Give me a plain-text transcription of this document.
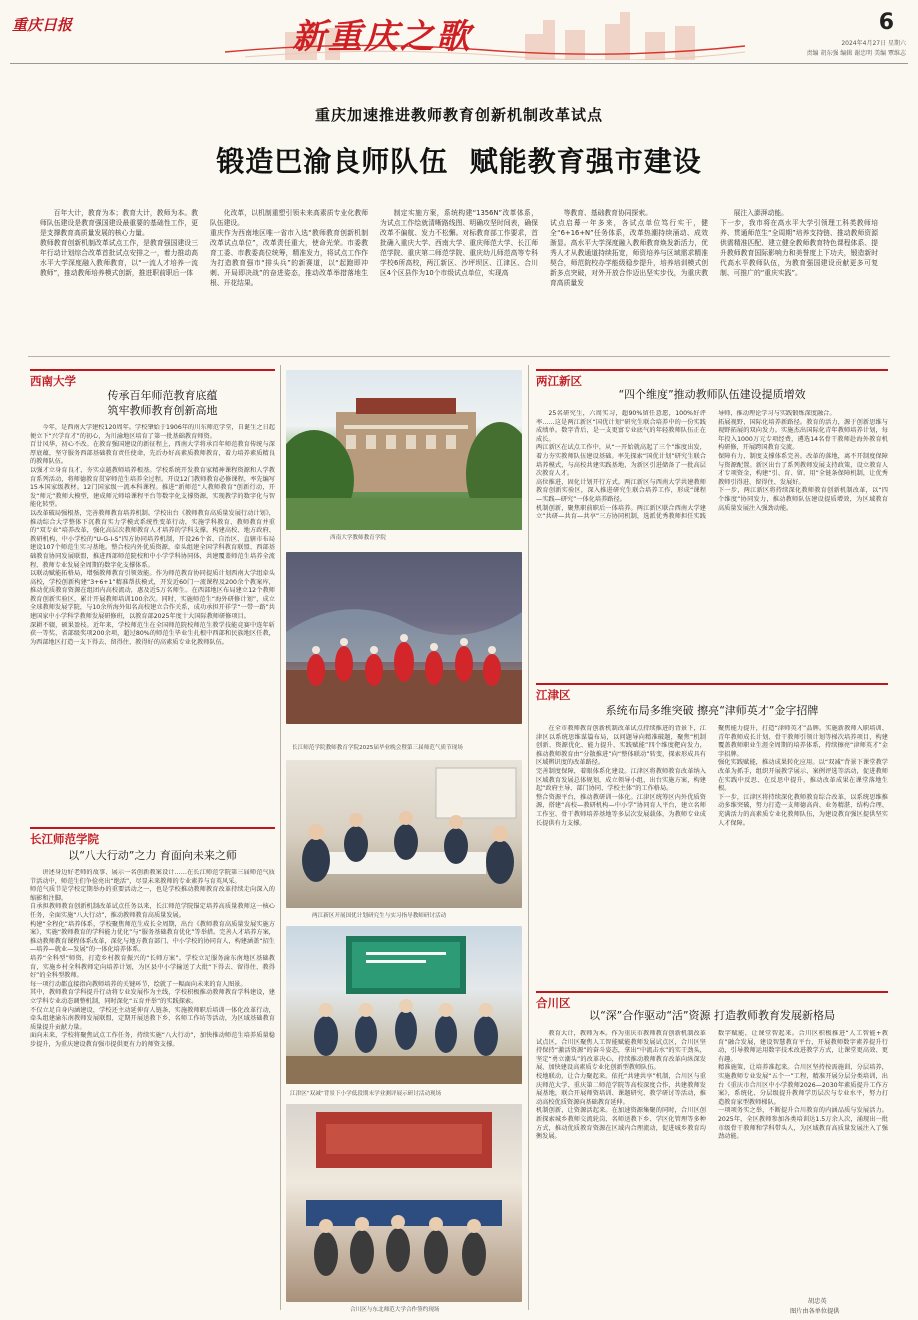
重庆日报	新重庆之歌	6
2024年4月27日 星期六
责编 胡东强 编辑 谢忠明 美编 覃维志
重庆加速推进教师教育创新机制改革试点
锻造巴渝良师队伍  赋能教育强市建设

百年大计，教育为本；教育大计，教师为本。教师队伍建设是教育强国建设最重要的基础性工作，更是支撑教育高质量发展的核心力量。
教师教育创新机制改革试点工作，是教育强国建设三年行动计划综合改革首批试点安排之一，着力推动高水平大学深度融入教师教育，以“一流人才培养一流教师”，推动教师培养模式创新，推进职前职后一体

化改革，以机制重塑引领未来高素质专业化教师队伍建设。
重庆作为西南地区唯一省市入选“教师教育创新机制改革试点单位”，改革责任重大，使命光荣。市委教育工委、市教委高位统筹，精准发力，将试点工作作为打造教育强市“排头兵”的新赛道，以“起跑即冲刺、开局即决战”的奋进姿态，推动改革举措落地生根、开花结果。

制定实施方案，系统构建“1356N”改革体系，为试点工作绘就清晰路线图、明确攻坚时间表，确保改革不偏航、发力不松懈。对标教育部工作要求，首批确入重庆大学、西南大学、重庆师范大学、长江师范学院、重庆第二师范学院、重庆幼儿师范高等专科学校6所高校，两江新区、沙坪坝区、江津区、合川区4个区县作为10个市级试点单位，实现高

等教育、基础教育协同探索。
试点启幕一年多来，各试点单位笃行实干，健全“6+16+N”任务体系，改革热潮持续涌动、成效渐显。高水平大学深度融入教师教育焕发新活力，优秀人才从教通道持续拓宽，师资培养与区域需求精准契合，师范院校办学能级稳步提升，培养培训模式创新多点突破，对外开放合作迈出坚实步伐，为重庆教育高质量发

展注入澎湃动能。
下一步，我市将在高水平大学引领理工科类教师培养、贯通师范生“全周期”培养支持链、推动教师资源供需精准匹配、建立健全教师教育特色课程体系、提升教师教育国际影响力和美誉度上下功夫，锻造新时代高水平教师队伍，为教育强国建设贡献更多可复制、可推广的“重庆实践”。

西南大学
传承百年师范教育底蕴
筑牢教师教育创新高地

今年，是西南大学建校120周年。学校肇始于1906年的川东师范学堂，自诞生之日起便立下“兴学育才”的初心，为川渝地区培育了第一批基础教育师资。
百廿风华，初心不改。在教育强国建设的新征程上，西南大学将承百年师范教育传统与深厚底蕴，坚守服务西部基础教育责任使命，先后办好高素质教师教育，着力培养素质精良的教师队伍。
以强才立身育良才，夯实卓越教师培养根基。学校系统开发教育家精神课程资源和人学教育系列活动，将师德教育贯穿师范生培养全过程。开设12门教师教育必修课程，率先编写15本国家级教材。12门国家级一流本科课程。推进“新师范”人教师教育“创新行动，开发“师元”教师大模型，建成师元师培课程平台等数字化支撑资源，实现教学的数字化与智能化转型。
以改革破局强根基，完善教师教育培养机制。学校出台《教师教育高质量发展行动计划》，推动综合大学整体下沉教育实力学模式系统性变革行动，实施学科教育、教师教育并重的“双专业”培养改革，强化高层次教师教育人才培养的学科支撑。构建高校、地方政府、教研机构、中小学校的“U-G-I-S”四方协同培养机制，开设26个省、自治区、直辖市布局建设107个师范生实习基地。整合校内外优质资源，牵头组建全国学科教育联盟、西部基础教育协同发展联盟，推进西部师范院校和中小学学科协同体，共建覆盖师范生培养全流程、教师专业发展全周期的数字化支撑体系。
以联动赋能拓格局，增强教师教育引领效能。作为师范教育协同提质计划西南大学组牵头高校，学校创新构建“3+6+1”精准帮扶模式，开发近60门一流课程及200余个教案库，推动优质教育资源在组团内高校流动，惠及近5万名师生。在西部地区布局建立12个教师教育创新实验区，累计开展教师培训100余次。同时，实施师范生“海外研修计划”，成立全球教师发展学院，与10余所海外知名高校建立合作关系，成功承担开祥学“一带一路”共建国家中小学科学教师发展研修班，以教育部2025年度十大国际教师研修项目。
深耕不辍，硕果盈枝。近年来，学校师范生在全国师范院校师范生教学技能竞赛中连年斩获一等奖、省部级奖项200余项，超过80%的师范生毕业生扎根中西部和民族地区任教，为西部地区打造一支下得去、留得住、教得好的高素质专业化教师队伍。

长江师范学院
以“八大行动”之力 育面向未来之师

讲述身边好老师的故事、展示一名创新教案设计……在长江师范学院第三届师范气质节活动中，师范生们争俭亮出“绝活”，尽显未来教师的专业素养与育英风采。
师范气质节是学校定期举办的重要活动之一，也是学校推动教师教育改革持续走向深入的缩影和注脚。
自承担教师教育创新机制改革试点任务以来，长江师范学院锚定培养高质量教师这一核心任务，全面实施“八大行动”，推动教师教育高质量发展。
构建“全程化”培养体系，学校聚焦师范生成长全周期，出台《教师教育高质量发展实施方案》，实施“教师教育的学科能力优化”与“服务基础教育优化”等举措。完善人才培养方案，推动教师教育课程体系改革，深化与地方教育部门、中小学校的协同育人，构建涵盖“招生—培养—就业—发展”的一体化培养体系。
培养“全科型”师资，打造乡村教育振兴的“长师方案”。学校立足服务渝东南地区基础教育，实施乡村全科教师定向培养计划，为区县中小学输送了大批“下得去、留得住、教得好”的全科型教师。
每一项行动都直接指向教师培养的关键环节，绘就了一幅面向未来的育人图景。
其中，教师教育学科提升行动将专业发展作为主线，学校积极推动教师教育学科建设，建立学科专业动态调整机制，同时深化“五育并举”的实践探索。
不仅立足自身内涵建设，学校还主动延伸育人链条，实施教师职后培训一体化改革行动，牵头组建渝东南教师发展联盟，定期开展送教下乡、名师工作坊等活动，为区域基础教育质量提升贡献力量。
面向未来，学校将聚焦试点工作任务，持续实施“八大行动”，加快推动师范生培养质量稳步提升，为重庆建设教育强市提供更有力的师资支撑。

西南大学教师教育学院
长江师范学院教师教育学院2025届毕业晚会暨第三届师范气质节现场
两江新区开展国优计划研究生与实习指导教师研讨活动
江津区“双减”背景下小学低段期末学业测评展示研讨活动现场
合川区与东北师范大学合作签约现场
两江新区
“四个维度”推动教师队伍建设提质增效

25名研究生，六周实习，超90%留任意愿，100%好评率……这是两江新区“国优计划”研究生联合培养中的一份实践成绩单。数字背后，是一支更富专业底气的年轻教师队伍正在成长。
两江新区在试点工作中，从“一开始就高起了三个”维度出发，着力夯实教师队伍建设基础。率先探索“国优计划”研究生联合培养模式，与高校共建实践基地，为新区引进储备了一批高层次教育人才。
高位推进，固化计划开行方式。两江新区与西南大学共建教师教育创新实验区，深入推进研究生联合培养工作，形成“课程—实践—研究”一体化培养路径。
机制创新，聚焦职前职后一体培养。两江新区联合西南大学建立“共研—共育—共享”三方协同机制，选派优秀教师担任实践导师，推动理论学习与实践锻炼深度融合。
拓展视野，国际化培养新路径。教育的活力，源于创新思维与视野拓展的双向发力。实施杰出国际化青年教师培养计划，每年投入1000万元专项经费，遴选14名骨干教师赴海外教育机构研修，开展跨国教育交流。
保障有力，制度支撑体系完善。改革的落地，离不开制度保障与资源配置。新区出台了系列教师发展支持政策，设立教育人才专项资金，构建“引、育、留、用”全链条保障机制，让优秀教师引得进、留得住、发展好。
下一步，两江新区将持续深化教师教育创新机制改革，以“四个维度”协同发力，推动教师队伍建设提质增效，为区域教育高质量发展注入强劲动能。

江津区
系统布局多维突破 擦亮“津师英才”金字招牌

在全市教师教育创新机制改革试点持续推进的背景下，江津区以系统思维谋篇布局，以问题导向精准破题，聚焦“机制创新、资源优化、能力提升、实践赋能”四个维度靶向发力，推动教师教育由“分散推进”向“整体联动”转变，探索形成具有区域辨识度的改革路径。
完善制度保障，着眼体系化建设。江津区将教师教育改革纳入区域教育发展总体规划，成立领导小组，出台实施方案，构建起“政府主导、部门协同、学校主体”的工作格局。
整合资源平台，推动教研训一体化。江津区统筹区内外优质资源，搭建“高校—教研机构—中小学”协同育人平台，建立名师工作室、骨干教师培养基地等多层次发展载体，为教师专业成长提供有力支撑。
聚焦能力提升，打造“津师英才”品牌。实施新教师入职培训、青年教师成长计划、骨干教师引领计划等梯次培养项目，构建覆盖教师职业生涯全周期的培养体系，持续擦亮“津师英才”金字招牌。
强化实践赋能，推动成果转化应用。以“双减”背景下课堂教学改革为抓手，组织开展教学展示、案例评选等活动，促进教师在实践中反思、在反思中提升，推动改革成果在课堂落地生根。
下一步，江津区将持续深化教师教育综合改革，以系统思维推动多维突破，努力打造一支师德高尚、业务精湛、结构合理、充满活力的高素质专业化教师队伍，为建设教育强区提供坚实人才保障。

合川区
以“深”合作驱动“活”资源 打造教师教育发展新格局

教育大计，教师为本。作为重庆市教师教育创新机制改革试点区，合川区聚焦人工智能赋能教师发展试点区，合川区坚持保持“激活资源”的奋斗姿态，拿出“中流击水”的实干劲头，坚定“勇立潮头”的改革决心，持续推动教师教育改革向纵深发展，加快建设高素质专业化创新型教师队伍。
校地联动，让合力聚起来。依托“共建共享”机制，合川区与重庆师范大学、重庆第二师范学院等高校深度合作，共建教师发展基地，联合开展师资培训、课题研究、教学研讨等活动，推动高校优质资源向基础教育延伸。
机制创新，让资源活起来。在加速资源集聚的同时，合川区创新探索城乡教师交流轮岗、名师送教下乡、学区化管理等多种方式，推动优质教育资源在区域内合理流动，促进城乡教育均衡发展。
数字赋能，让课堂智起来。合川区积极推进“人工智能+教育”融合发展，建设智慧教育平台，开展教师数字素养提升行动，引导教师运用数字技术改进教学方式，让课堂更高效、更有趣。
精准施策，让培养准起来。合川区坚持按需施训、分层培养，实施教师专业发展“五个一”工程，精准开展分层分类培训，出台《重庆市合川区中小学教师2026—2030年素质提升工作方案》，系统化、分层级提升教师学历层次与专业水平，努力打造教育家型教师梯队。
一项项务实之举，不断提升合川教育的内涵品质与发展活力。2025年，全区教师参加各类培训达1.5万余人次，涌现出一批市级骨干教师和学科带头人，为区域教育高质量发展注入了强劲动能。

胡忠英
图片由各单位提供
